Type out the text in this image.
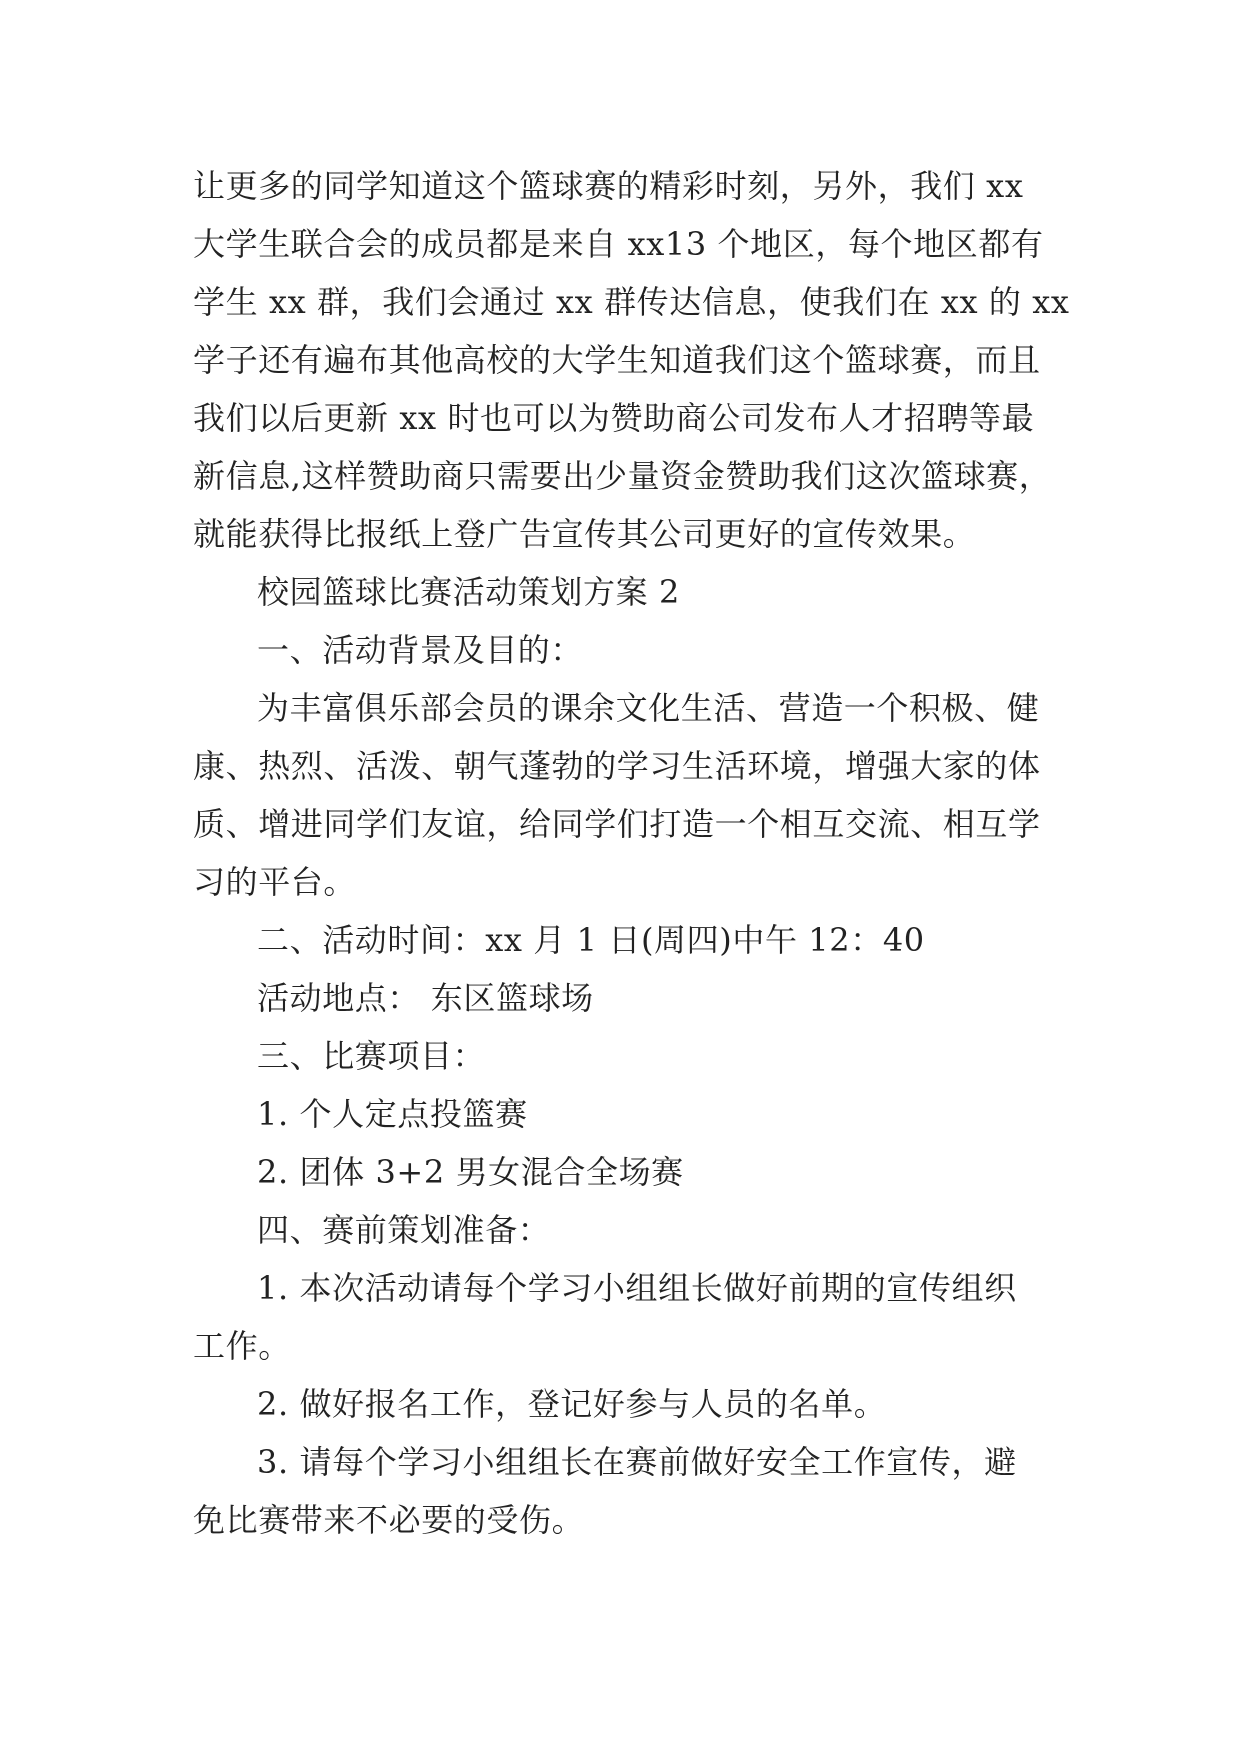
让更多的同学知道这个篮球赛的精彩时刻，另外，我们 xx
大学生联合会的成员都是来自 xx13 个地区，每个地区都有
学生 xx 群，我们会通过 xx 群传达信息，使我们在 xx 的 xx
学子还有遍布其他高校的大学生知道我们这个篮球赛，而且
我们以后更新 xx 时也可以为赞助商公司发布人才招聘等最
新信息,这样赞助商只需要出少量资金赞助我们这次篮球赛，
就能获得比报纸上登广告宣传其公司更好的宣传效果。
校园篮球比赛活动策划方案 2
一、活动背景及目的：
为丰富俱乐部会员的课余文化生活、营造一个积极、健
康、热烈、活泼、朝气蓬勃的学习生活环境，增强大家的体
质、增进同学们友谊，给同学们打造一个相互交流、相互学
习的平台。
二、活动时间：xx 月 1 日(周四)中午 12：40
活动地点： 东区篮球场
三、比赛项目：
1. 个人定点投篮赛
2. 团体 3+2 男女混合全场赛
四、赛前策划准备：
1. 本次活动请每个学习小组组长做好前期的宣传组织
工作。
2. 做好报名工作，登记好参与人员的名单。
3. 请每个学习小组组长在赛前做好安全工作宣传，避
免比赛带来不必要的受伤。
